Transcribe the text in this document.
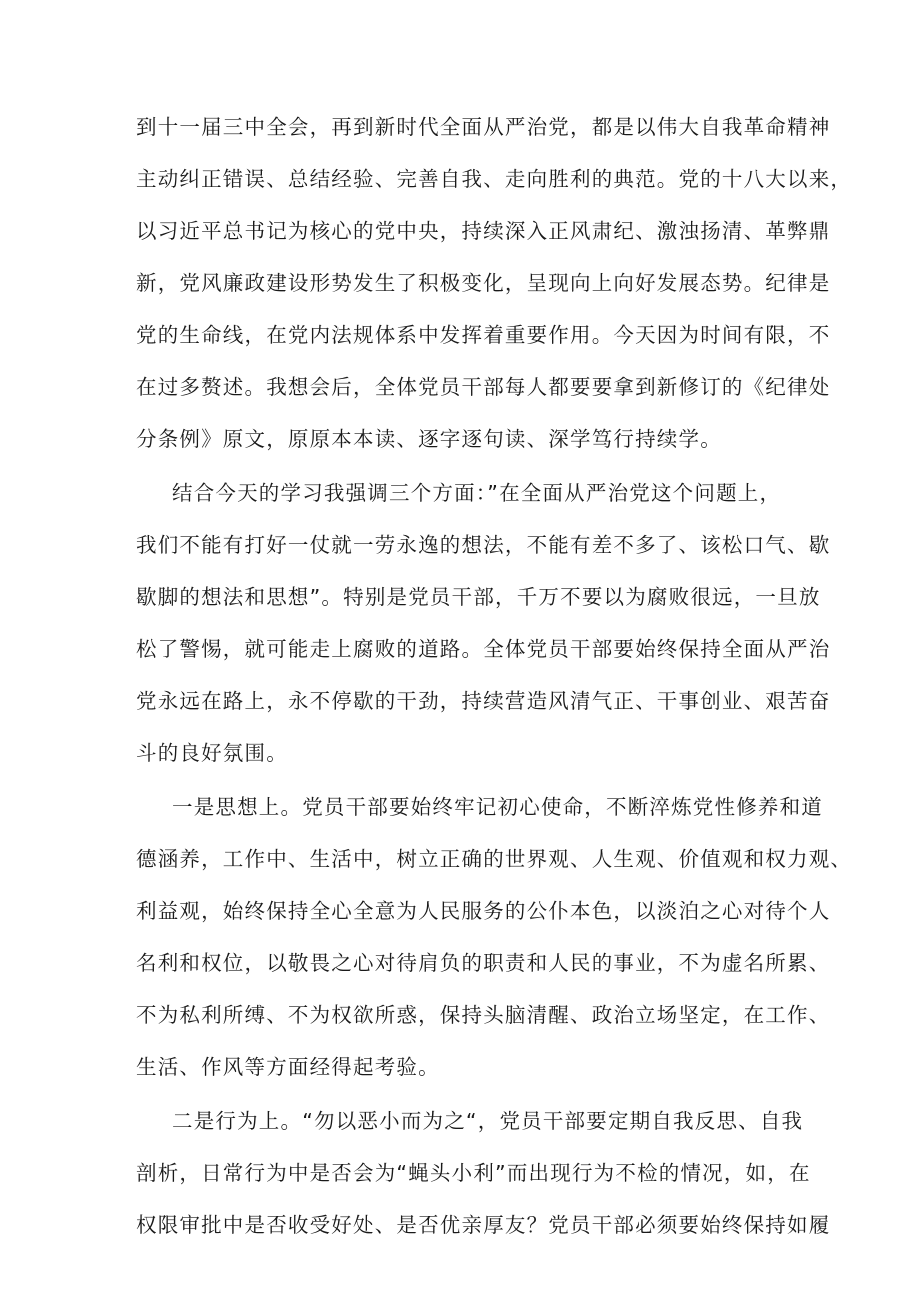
到十一届三中全会，再到新时代全面从严治党，都是以伟大自我革命精神
主动纠正错误、总结经验、完善自我、走向胜利的典范。党的十八大以来，
以习近平总书记为核心的党中央，持续深入正风肃纪、激浊扬清、革弊鼎
新，党风廉政建设形势发生了积极变化，呈现向上向好发展态势。纪律是
党的生命线，在党内法规体系中发挥着重要作用。今天因为时间有限，不
在过多赘述。我想会后，全体党员干部每人都要要拿到新修订的《纪律处
分条例》原文，原原本本读、逐字逐句读、深学笃行持续学。
结合今天的学习我强调三个方面：”在全面从严治党这个问题上，
我们不能有打好一仗就一劳永逸的想法，不能有差不多了、该松口气、歇
歇脚的想法和思想”。特别是党员干部，千万不要以为腐败很远，一旦放
松了警惕，就可能走上腐败的道路。全体党员干部要始终保持全面从严治
党永远在路上，永不停歇的干劲，持续营造风清气正、干事创业、艰苦奋
斗的良好氛围。
一是思想上。党员干部要始终牢记初心使命，不断淬炼党性修养和道
德涵养，工作中、生活中，树立正确的世界观、人生观、价值观和权力观、
利益观，始终保持全心全意为人民服务的公仆本色，以淡泊之心对待个人
名利和权位，以敬畏之心对待肩负的职责和人民的事业，不为虚名所累、
不为私利所缚、不为权欲所惑，保持头脑清醒、政治立场坚定，在工作、
生活、作风等方面经得起考验。
二是行为上。“勿以恶小而为之“，党员干部要定期自我反思、自我
剖析，日常行为中是否会为“蝇头小利”而出现行为不检的情况，如，在
权限审批中是否收受好处、是否优亲厚友？党员干部必须要始终保持如履
